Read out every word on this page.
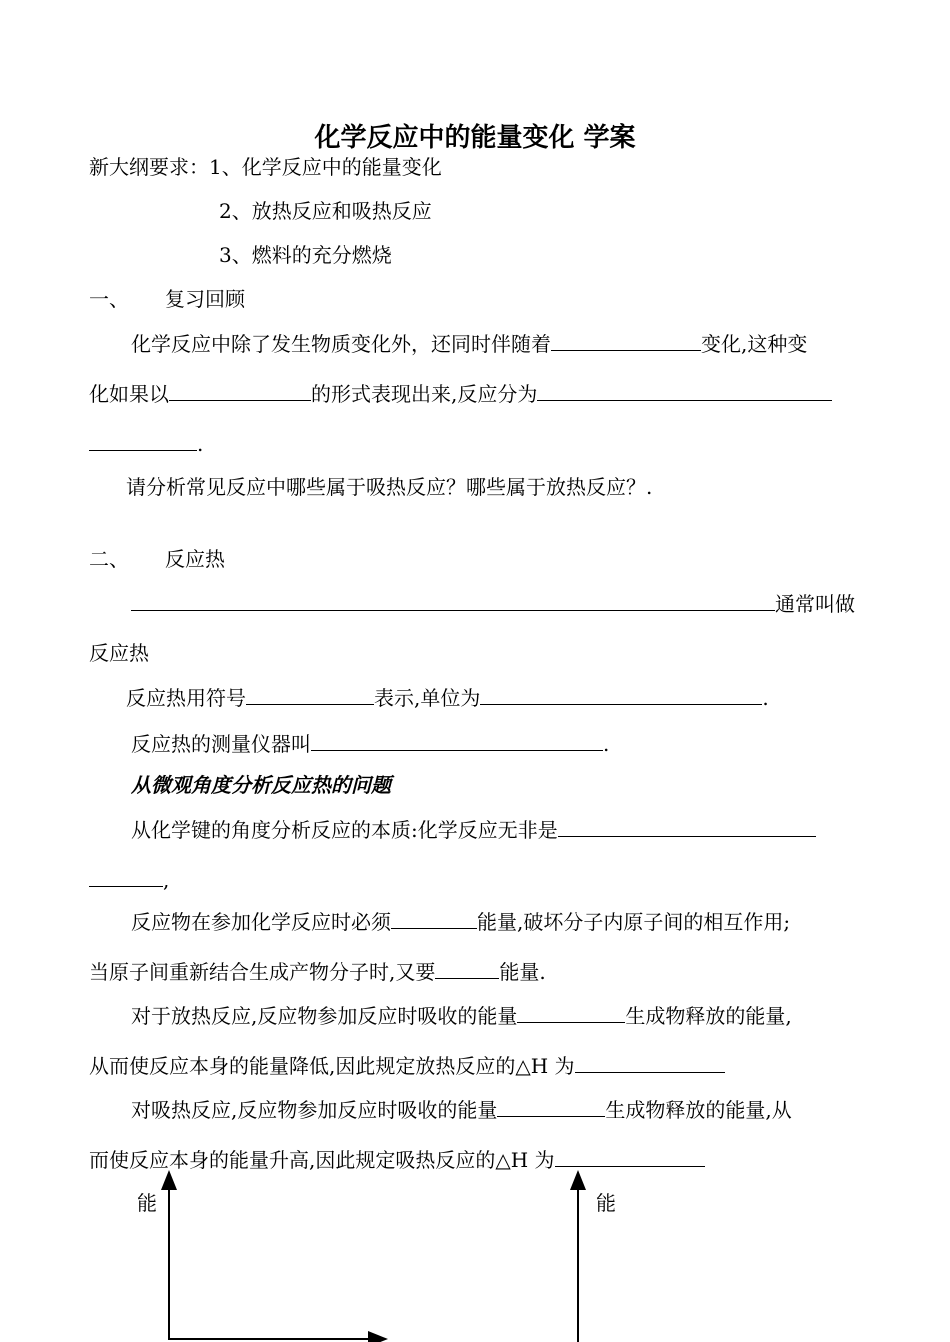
化学反应中的能量变化 学案
新大纲要求：1、化学反应中的能量变化
2、放热反应和吸热反应
3、燃料的充分燃烧
一、 复习回顾
化学反应中除了发生物质变化外，还同时伴随着	变化,这种变
化如果以	的形式表现出来,反应分为
.
请分析常见反应中哪些属于吸热反应？哪些属于放热反应？.
二、 反应热
通常叫做
反应热
反应热用符号	表示,单位为	.
反应热的测量仪器叫	.
从微观角度分析反应热的问题
从化学键的角度分析反应的本质:化学反应无非是
,
反应物在参加化学反应时必须	能量,破坏分子内原子间的相互作用;
当原子间重新结合生成产物分子时,又要	能量.
对于放热反应,反应物参加反应时吸收的能量	生成物释放的能量,
从而使反应本身的能量降低,因此规定放热反应的△H 为
对吸热反应,反应物参加反应时吸收的能量	生成物释放的能量,从
而使反应本身的能量升高,因此规定吸热反应的△H 为
能	能
